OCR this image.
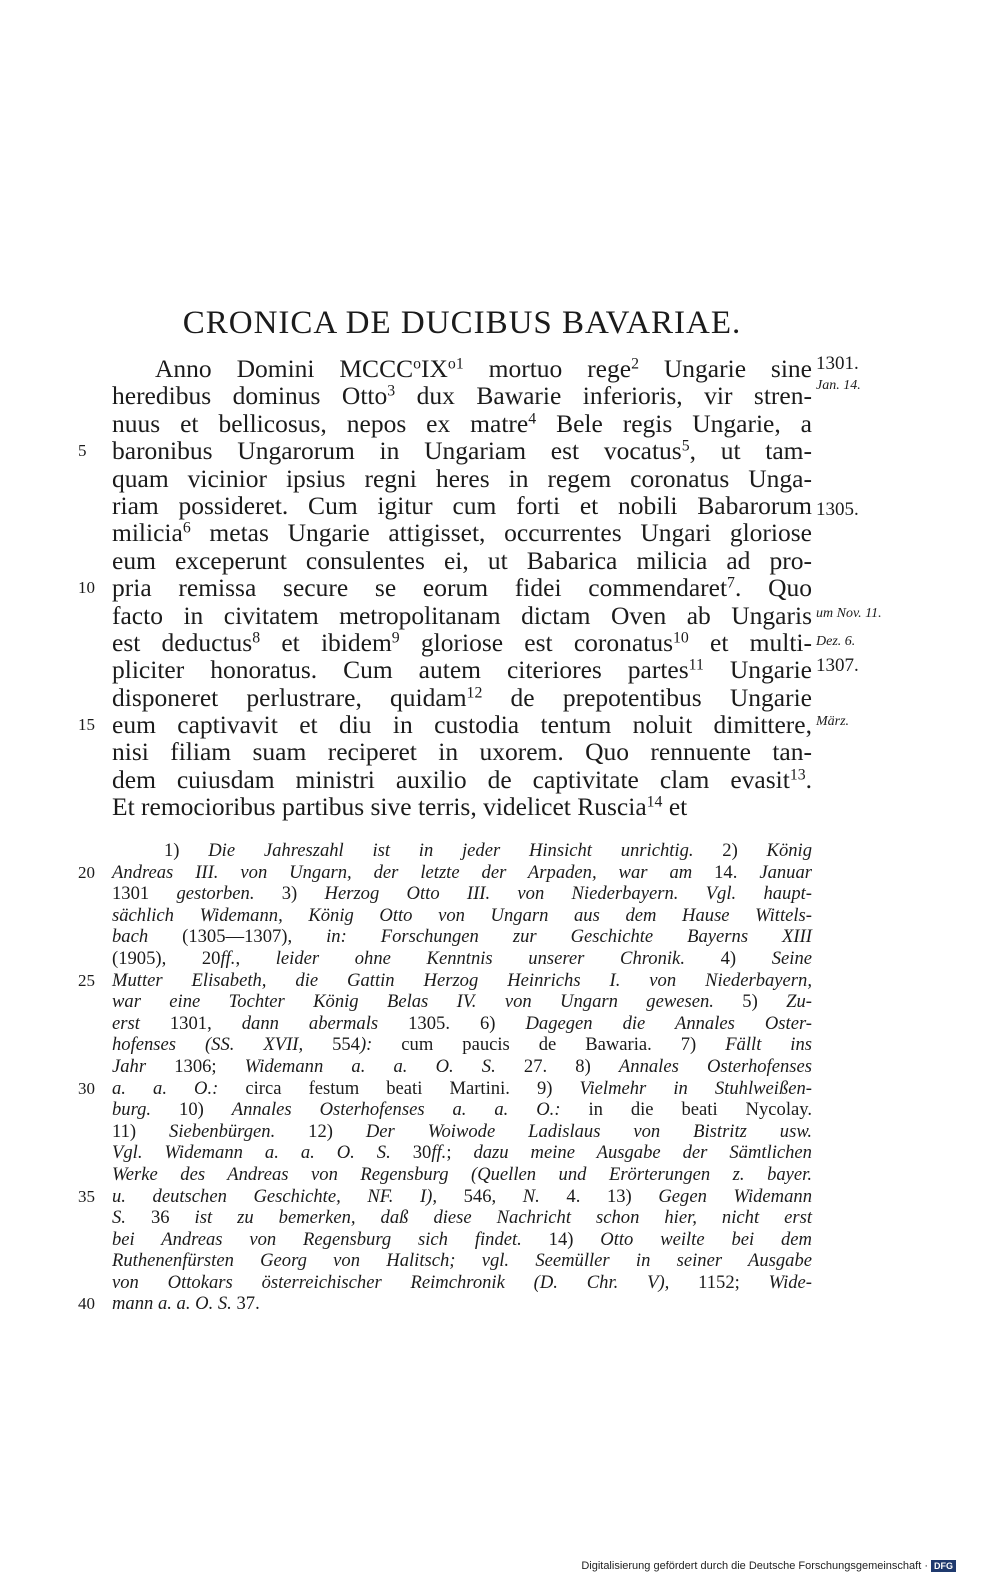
CRONICA DE DUCIBUS BAVARIAE.
Anno Domini $MCCC^oIX^{o1}$ mortuo rege$^2$ Ungarie sine
heredibus dominus Otto$^3$ dux Bawarie inferioris, vir stren-
nuus et bellicosus, nepos ex matre$^4$ Bele regis Ungarie, a
baronibus Ungarorum in Ungariam est vocatus$^5$, ut tam-
5
quam vicinior ipsius regni heres in regem coronatus Unga-
riam possideret. Cum igitur cum forti et nobili Babarorum
milicia$^6$ metas Ungarie attigisset, occurrentes Ungari gloriose
eum exceperunt consulentes ei, ut Babarica milicia ad pro-
pria remissa secure se eorum fidei commendaret$^7$. Quo
10
facto in civitatem metropolitanam dictam Oven ab Ungaris
est deductus$^8$ et ibidem$^9$ gloriose est coronatus$^{10}$ et multi-
pliciter honoratus. Cum autem citeriores partes$^{11}$ Ungarie
disponeret perlustrare, quidam$^{12}$ de prepotentibus Ungarie
eum captivavit et diu in custodia tentum noluit dimittere,
15
nisi filiam suam reciperet in uxorem. Quo rennuente tan-
dem cuiusdam ministri auxilio de captivitate clam evasit$^{13}$.
Et remocioribus partibus sive terris, videlicet Ruscia$^{14}$ et
1) Die Jahreszahl ist in jeder Hinsicht unrichtig. 2) König
Andreas III. von Ungarn, der letzte der Arpaden, war am 14. Januar
20
1301 gestorben. 3) Herzog Otto III. von Niederbayern. Vgl. haupt-
sächlich Widemann, König Otto von Ungarn aus dem Hause Wittels-
bach (1305—1307), in: Forschungen zur Geschichte Bayerns XIII
(1905), 20ff., leider ohne Kenntnis unserer Chronik. 4) Seine
Mutter Elisabeth, die Gattin Herzog Heinrichs I. von Niederbayern,
25
war eine Tochter König Belas IV. von Ungarn gewesen. 5) Zu-
erst 1301, dann abermals 1305. 6) Dagegen die Annales Oster-
hofenses (SS. XVII, 554): cum paucis de Bawaria. 7) Fällt ins
Jahr 1306; Widemann a. a. O. S. 27. 8) Annales Osterhofenses
a. a. O.: circa festum beati Martini. 9) Vielmehr in Stuhlweißen-
30
burg. 10) Annales Osterhofenses a. a. O.: in die beati Nycolay.
11) Siebenbürgen. 12) Der Woiwode Ladislaus von Bistritz usw.
Vgl. Widemann a. a. O. S. 30ff.; dazu meine Ausgabe der Sämtlichen
Werke des Andreas von Regensburg (Quellen und Erörterungen z. bayer.
u. deutschen Geschichte, NF. I), 546, N. 4. 13) Gegen Widemann
35
S. 36 ist zu bemerken, daß diese Nachricht schon hier, nicht erst
bei Andreas von Regensburg sich findet. 14) Otto weilte bei dem
Ruthenenfürsten Georg von Halitsch; vgl. Seemüller in seiner Ausgabe
von Ottokars österreichischer Reimchronik (D. Chr. V), 1152; Wide-
mann a. a. O. S. 37.
40
1301.
Jan. 14.
1305.
um Nov. 11.
Dez. 6.
1307.
März.
Digitalisierung gefördert durch die Deutsche Forschungsgemeinschaft · DFG
